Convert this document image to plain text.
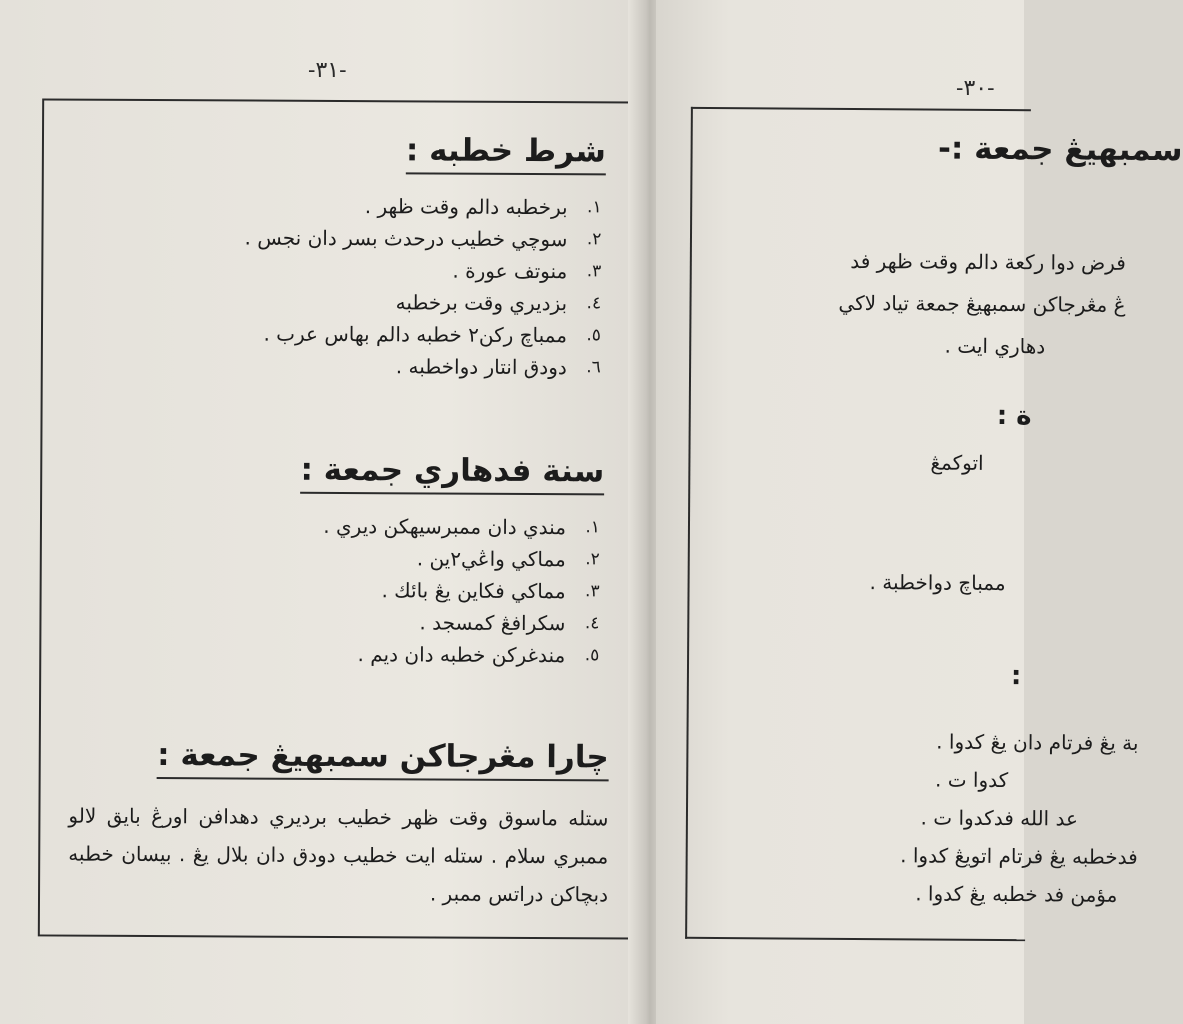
-٣١-
شرط خطبه :
١.
برخطبه دالم وقت ظهر .
٢.
سوچي خطيب درحدث بسر دان نجس .
٣.
منوتف عورة .
٤.
بزديري وقت برخطبه
٥.
ممباچ رکن٢ خطبه دالم بهاس عرب .
٦.
دودق انتار دواخطبه .
سنة فدهاري جمعة :
١.
مندي دان ممبرسيهكن ديري .
٢.
مماکي واڠي٢ين .
٣.
مماکي فکاين يڠ بائك .
٤.
سکرافڠ کمسجد .
٥.
مندغرکن خطبه دان ديم .
چارا مڠرجاکن سمبهيڠ جمعة :

ستله ماسوق وقت ظهر خطيب برديري دهدافن اورڠ بايق لالو ممبري سلام . ستله ايت خطيب دودق دان بلال يڠ . بيسان خطبه دبچاکن دراتس ممبر .

-٣٠-
سمبهيڠ جمعة :-
فرض دوا رکعة دالم وقت ظهر فد
ڠ مڠرجاکن سمبهيڠ جمعة تياد لاکي
دهاري ايت .
ة :
اتوکمڠ
ممباچ دواخطبة .
:
بة يڠ فرتام دان يڠ کدوا .
کدوا ت .
عد الله فدکدوا ت .
فدخطبه يڠ فرتام اتويڠ کدوا .
مؤمن فد خطبه يڠ کدوا .
